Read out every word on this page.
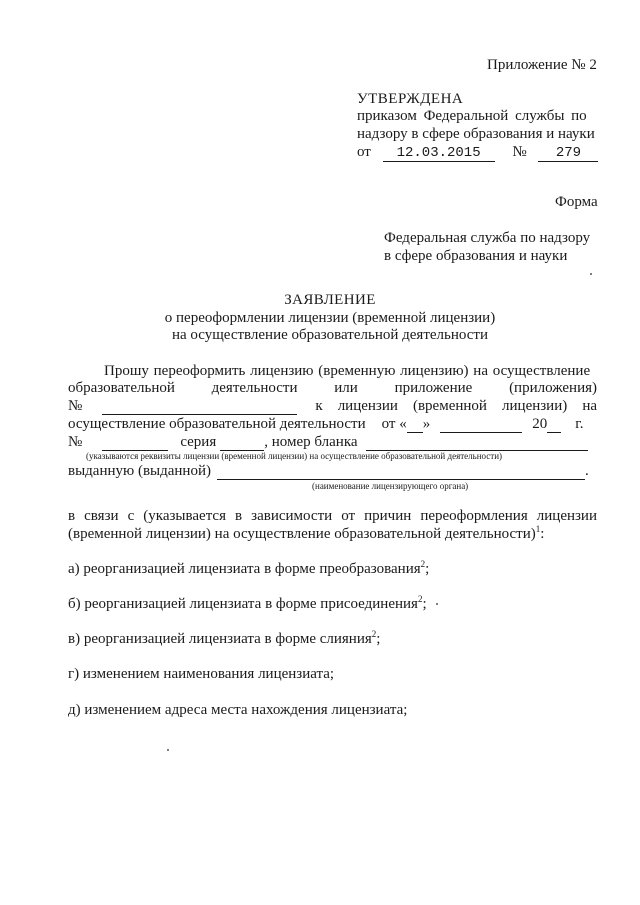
Приложение № 2
УТВЕРЖДЕНА
приказом Федеральной службы по
надзору в сфере образования и науки
от 12.03.2015 № 279
Форма
Федеральная служба по надзору
в сфере образования и науки
ЗАЯВЛЕНИЕ
о переоформлении лицензии (временной лицензии)
на осуществление образовательной деятельности
Прошу переоформить лицензию (временную лицензию) на осуществление
образовательной деятельности или приложение (приложения)
№	к лицензии (временной лицензии) на
осуществление образовательной деятельности от « »	20 г.
№	серия	, номер бланка
(указываются реквизиты лицензии (временной лицензии) на осуществление образовательной деятельности)
выданную (выданной)	.
(наименование лицензирующего органа)
в связи с (указывается в зависимости от причин переоформления лицензии
(временной лицензии) на осуществление образовательной деятельности)$^1$:
а) реорганизацией лицензиата в форме преобразования$^2$;
б) реорганизацией лицензиата в форме присоединения$^2$;
в) реорганизацией лицензиата в форме слияния$^2$;
г) изменением наименования лицензиата;
д) изменением адреса места нахождения лицензиата;
